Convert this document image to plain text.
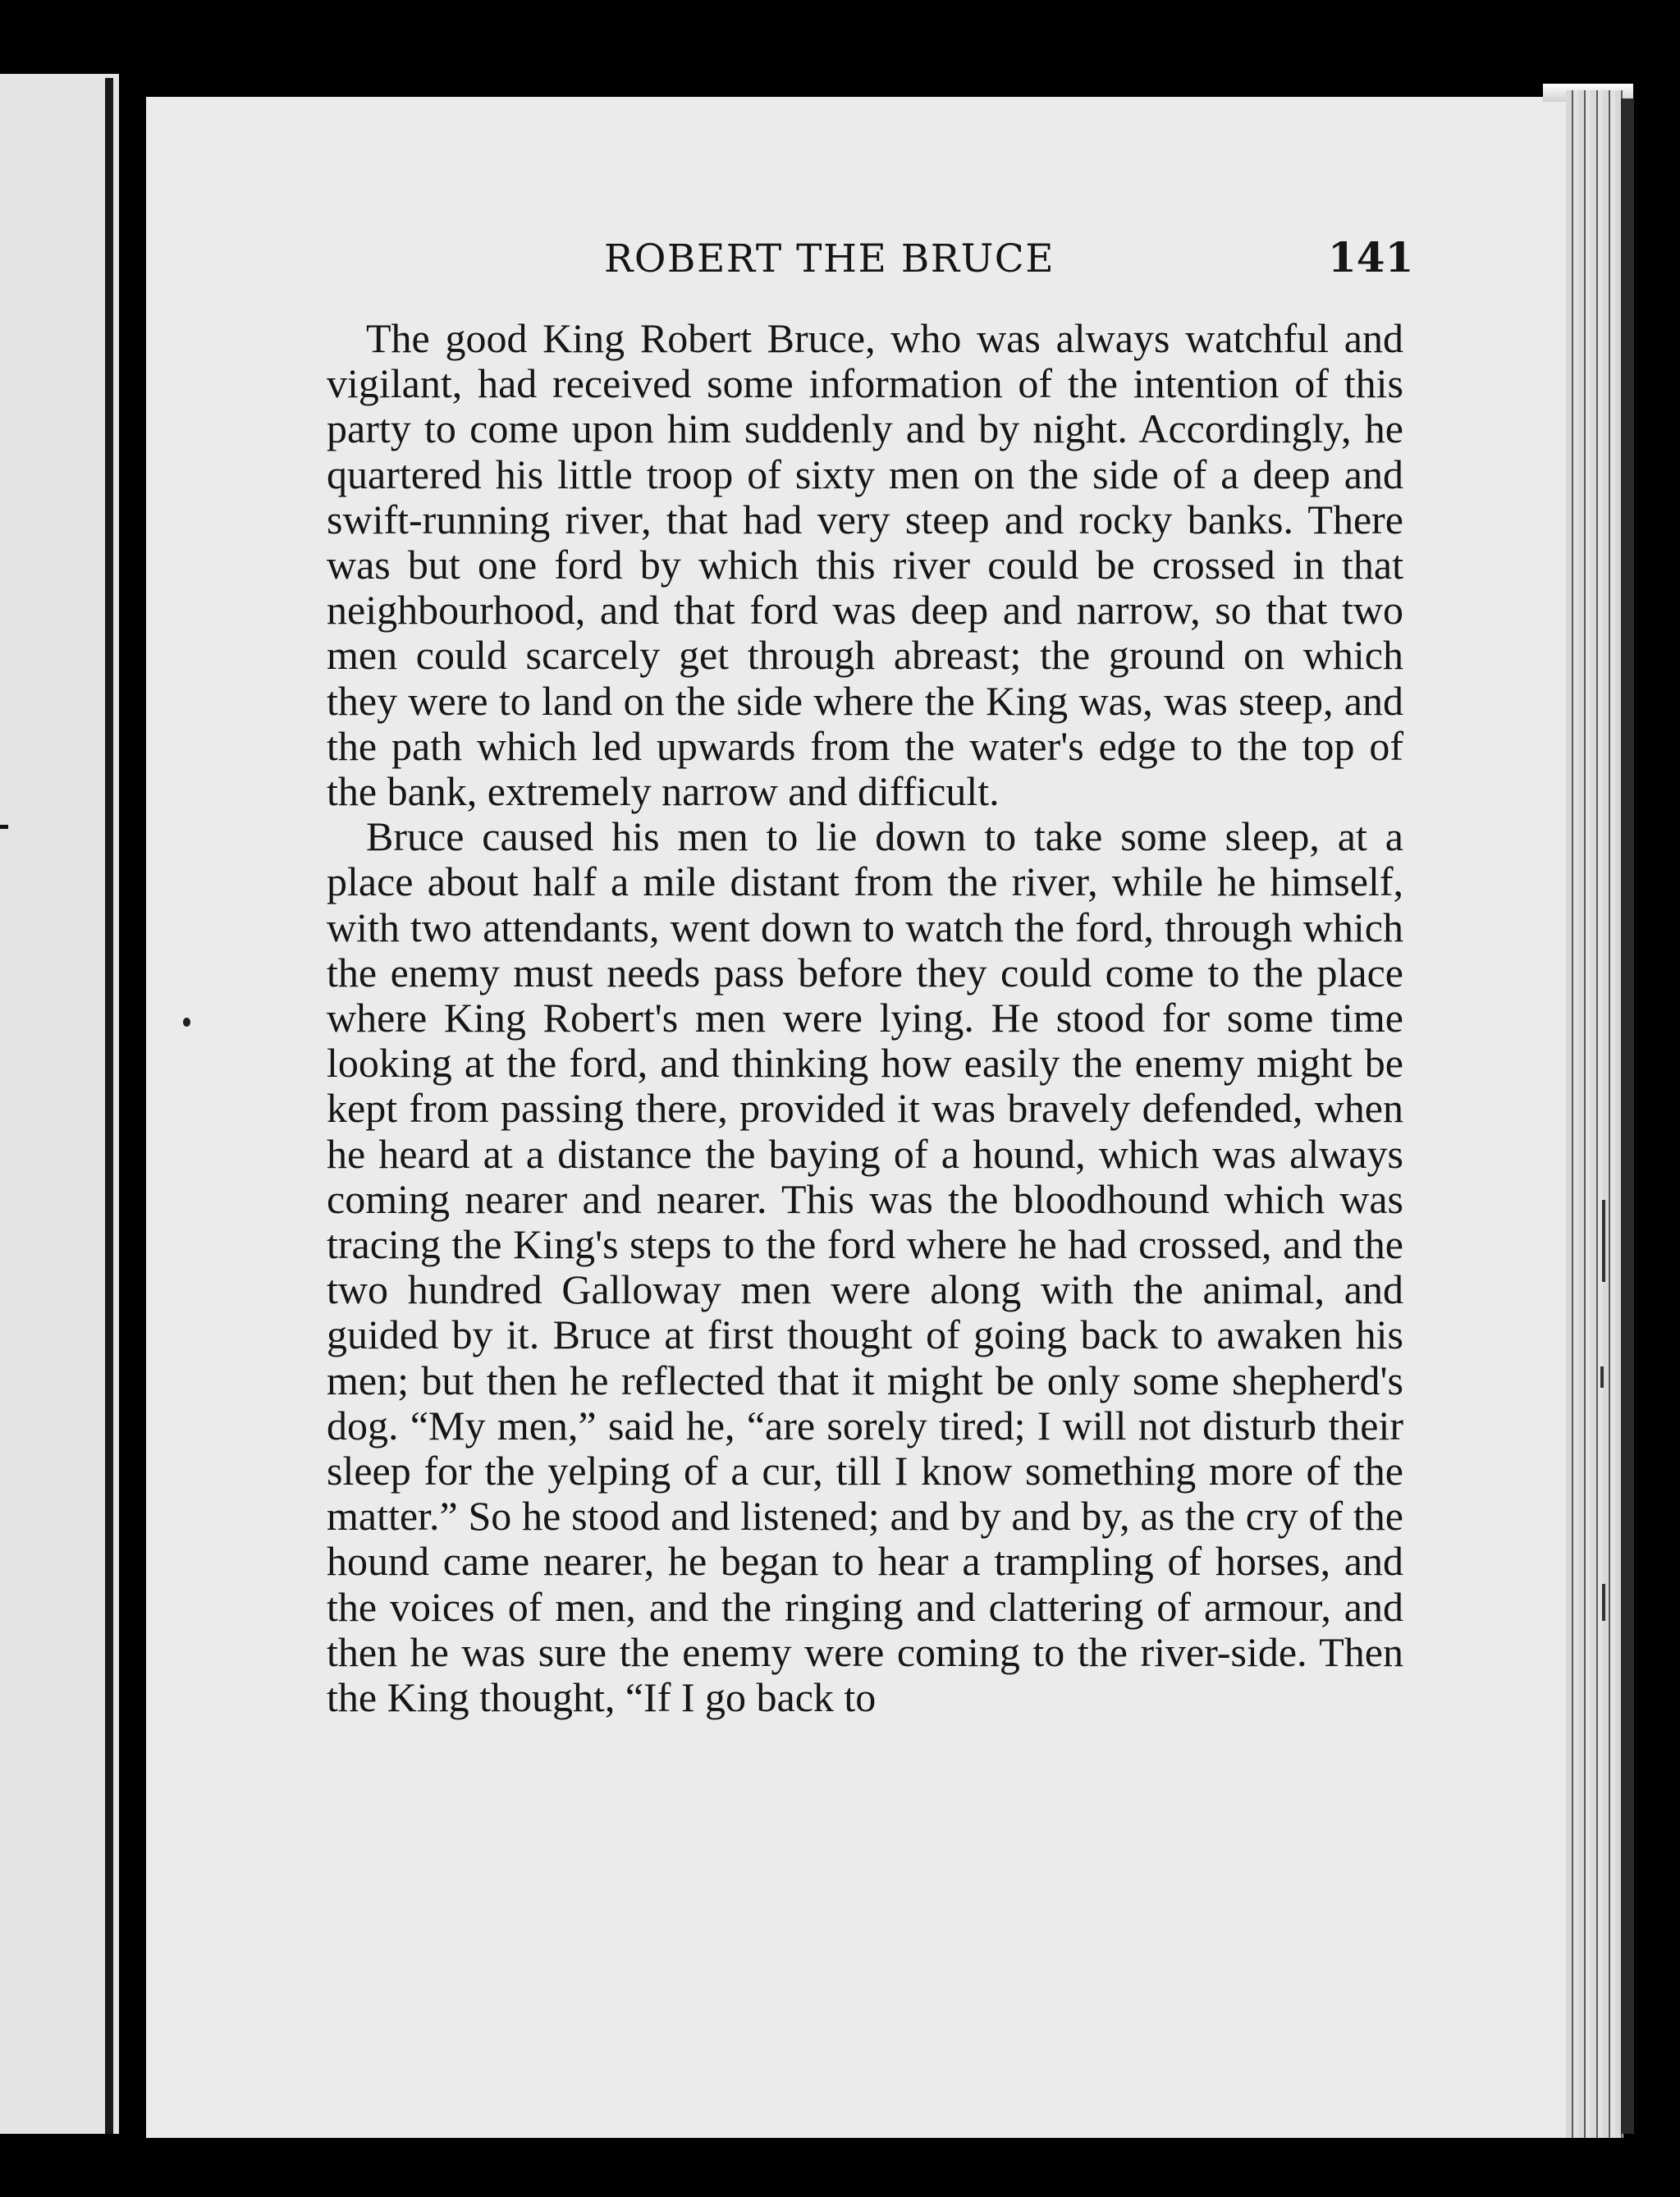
ROBERT THE BRUCE	141

The good King Robert Bruce, who was always watchful and vigilant, had received some information of the intention of this party to come upon him suddenly and by night. Accordingly, he quartered his little troop of sixty men on the side of a deep and swift-running river, that had very steep and rocky banks. There was but one ford by which this river could be crossed in that neighbourhood, and that ford was deep and narrow, so that two men could scarcely get through abreast; the ground on which they were to land on the side where the King was, was steep, and the path which led upwards from the water's edge to the top of the bank, extremely narrow and difficult.

Bruce caused his men to lie down to take some sleep, at a place about half a mile distant from the river, while he himself, with two attendants, went down to watch the ford, through which the enemy must needs pass before they could come to the place where King Robert's men were lying. He stood for some time looking at the ford, and thinking how easily the enemy might be kept from passing there, provided it was bravely defended, when he heard at a distance the baying of a hound, which was always coming nearer and nearer. This was the bloodhound which was tracing the King's steps to the ford where he had crossed, and the two hundred Galloway men were along with the animal, and guided by it. Bruce at first thought of going back to awaken his men; but then he reflected that it might be only some shepherd's dog. “My men,” said he, “are sorely tired; I will not disturb their sleep for the yelping of a cur, till I know something more of the matter.” So he stood and listened; and by and by, as the cry of the hound came nearer, he began to hear a trampling of horses, and the voices of men, and the ringing and clattering of armour, and then he was sure the enemy were coming to the river-side. Then the King thought, “If I go back to
